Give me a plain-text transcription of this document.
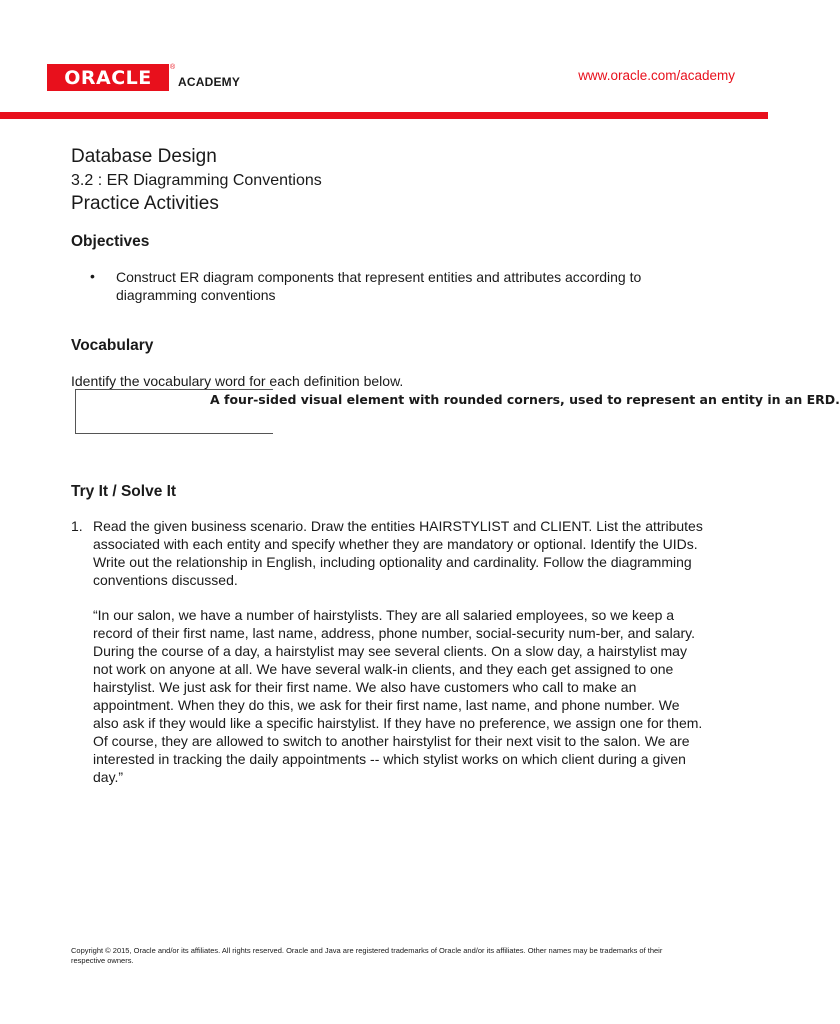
ORACLE	®
ACADEMY	www.oracle.com/academy
Database Design
3.2 : ER Diagramming Conventions
Practice Activities
Objectives
• Construct ER diagram components that represent entities and attributes according to diagramming conventions
Vocabulary
Identify the vocabulary word for each definition below.
A four-sided visual element with rounded corners, used to represent an entity in an ERD.
Try It / Solve It
1. Read the given business scenario. Draw the entities HAIRSTYLIST and CLIENT. List the attributes associated with each entity and specify whether they are mandatory or optional. Identify the UIDs. Write out the relationship in English, including optionality and cardinality. Follow the diagramming conventions discussed.
“In our salon, we have a number of hairstylists. They are all salaried employees, so we keep a record of their first name, last name, address, phone number, social-security num-ber, and salary. During the course of a day, a hairstylist may see several clients. On a slow day, a hairstylist may not work on anyone at all. We have several walk-in clients, and they each get assigned to one hairstylist. We just ask for their first name. We also have customers who call to make an appointment. When they do this, we ask for their first name, last name, and phone number. We also ask if they would like a specific hairstylist. If they have no preference, we assign one for them. Of course, they are allowed to switch to another hairstylist for their next visit to the salon. We are interested in tracking the daily appointments -- which stylist works on which client during a given day.”
Copyright © 2015, Oracle and/or its affiliates. All rights reserved. Oracle and Java are registered trademarks of Oracle and/or its affiliates. Other names may be trademarks of their respective owners.
